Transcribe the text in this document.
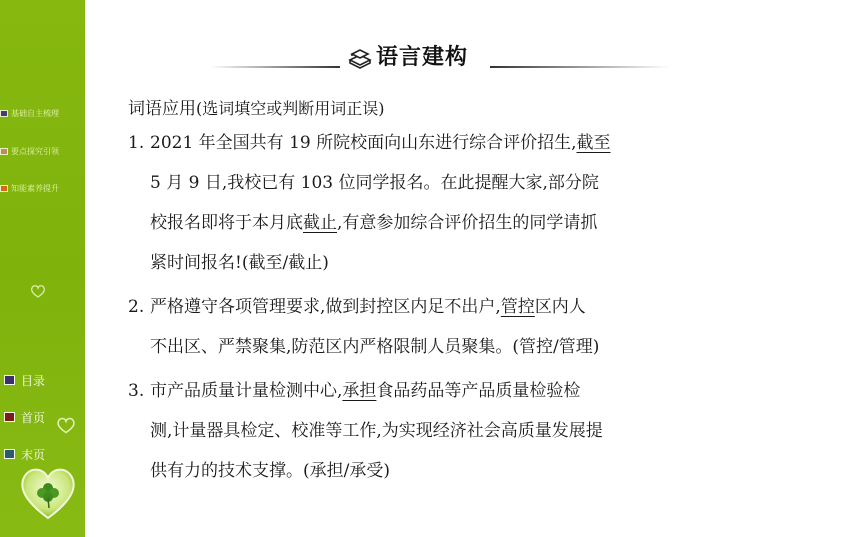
基础自主梳理
要点探究引领
知能素养提升
目录
首页
末页
语言建构
词语应用(选词填空或判断用词正误)
1. 2021 年全国共有 19 所院校面向山东进行综合评价招生,截至
5 月 9 日,我校已有 103 位同学报名。在此提醒大家,部分院
校报名即将于本月底截止,有意参加综合评价招生的同学请抓
紧时间报名!(截至/截止)
2. 严格遵守各项管理要求,做到封控区内足不出户,管控区内人
不出区、严禁聚集,防范区内严格限制人员聚集。(管控/管理)
3. 市产品质量计量检测中心,承担食品药品等产品质量检验检
测,计量器具检定、校准等工作,为实现经济社会高质量发展提
供有力的技术支撑。(承担/承受)
